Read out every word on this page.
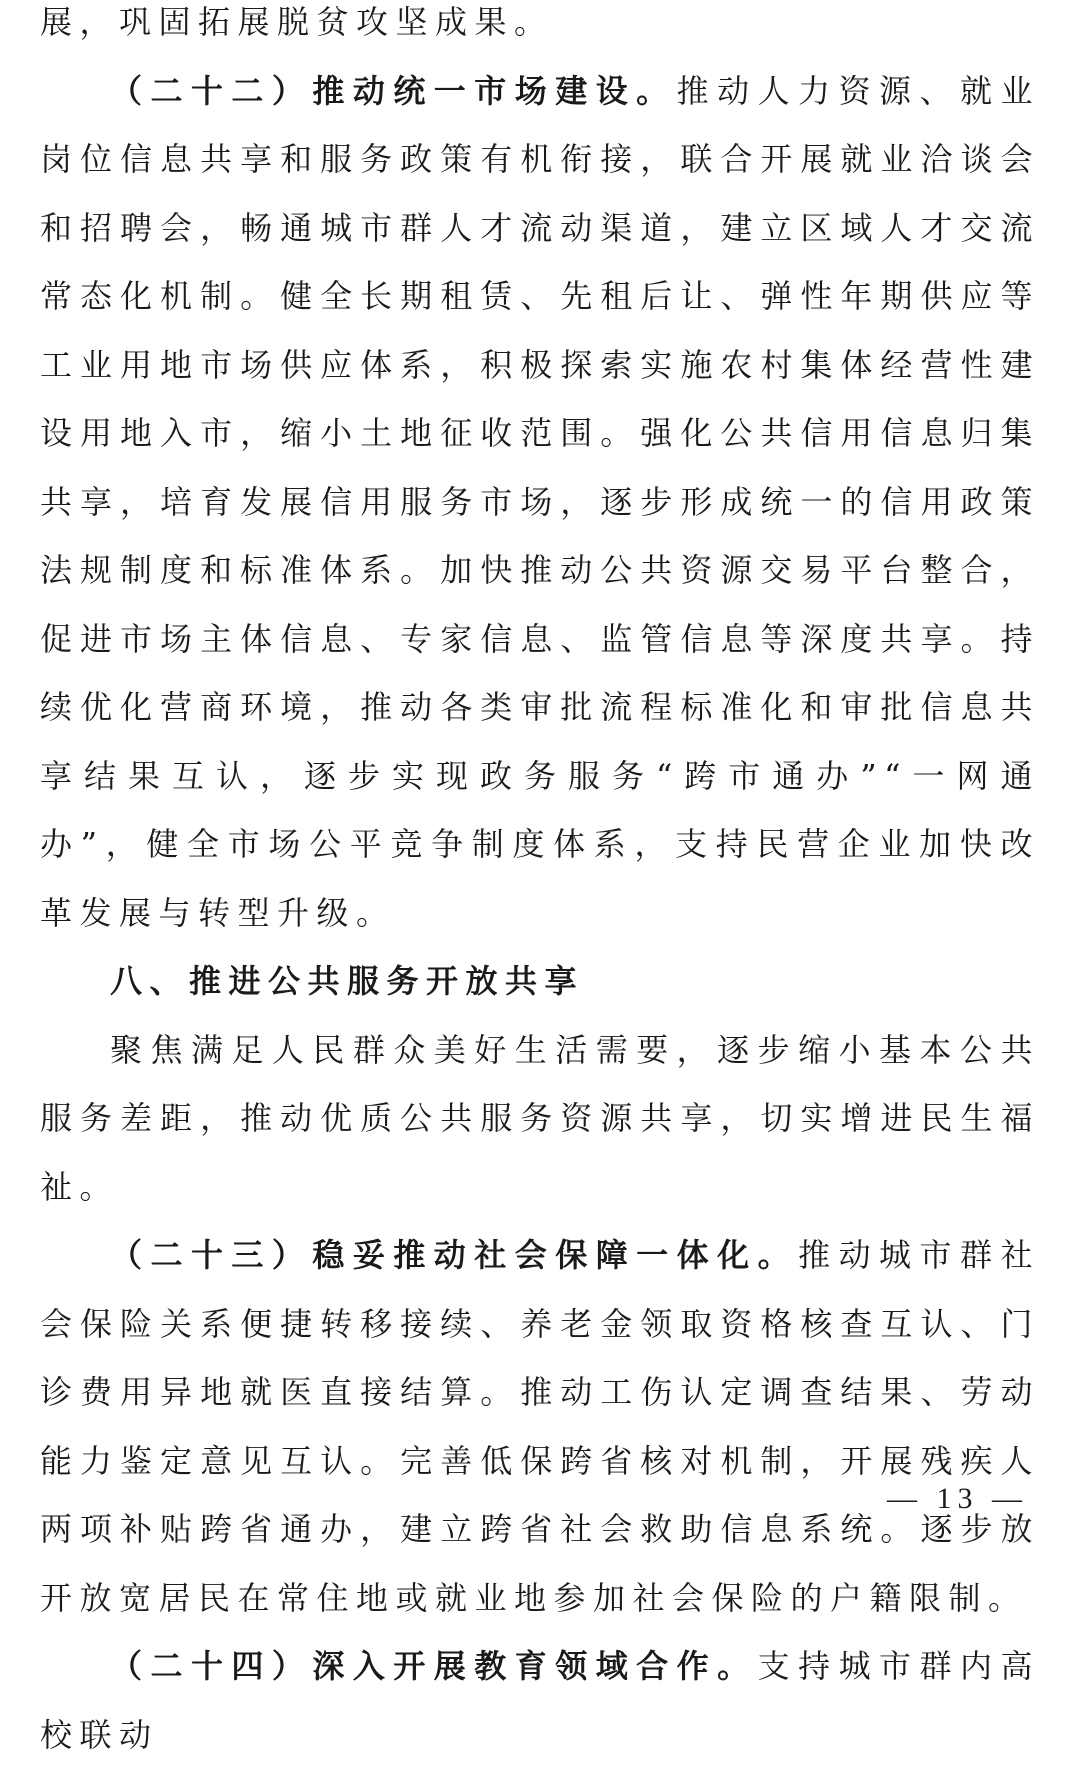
展，巩固拓展脱贫攻坚成果。

（二十二）推动统一市场建设。推动人力资源、就业岗位信息共享和服务政策有机衔接，联合开展就业洽谈会和招聘会，畅通城市群人才流动渠道，建立区域人才交流常态化机制。健全长期租赁、先租后让、弹性年期供应等工业用地市场供应体系，积极探索实施农村集体经营性建设用地入市，缩小土地征收范围。强化公共信用信息归集共享，培育发展信用服务市场，逐步形成统一的信用政策法规制度和标准体系。加快推动公共资源交易平台整合，促进市场主体信息、专家信息、监管信息等深度共享。持续优化营商环境，推动各类审批流程标准化和审批信息共享结果互认，逐步实现政务服务“跨市通办”“一网通办”，健全市场公平竞争制度体系，支持民营企业加快改革发展与转型升级。

八、推进公共服务开放共享

聚焦满足人民群众美好生活需要，逐步缩小基本公共服务差距，推动优质公共服务资源共享，切实增进民生福祉。

（二十三）稳妥推动社会保障一体化。推动城市群社会保险关系便捷转移接续、养老金领取资格核查互认、门诊费用异地就医直接结算。推动工伤认定调查结果、劳动能力鉴定意见互认。完善低保跨省核对机制，开展残疾人两项补贴跨省通办，建立跨省社会救助信息系统。逐步放开放宽居民在常住地或就业地参加社会保险的户籍限制。

（二十四）深入开展教育领域合作。支持城市群内高校联动

— 13 —
